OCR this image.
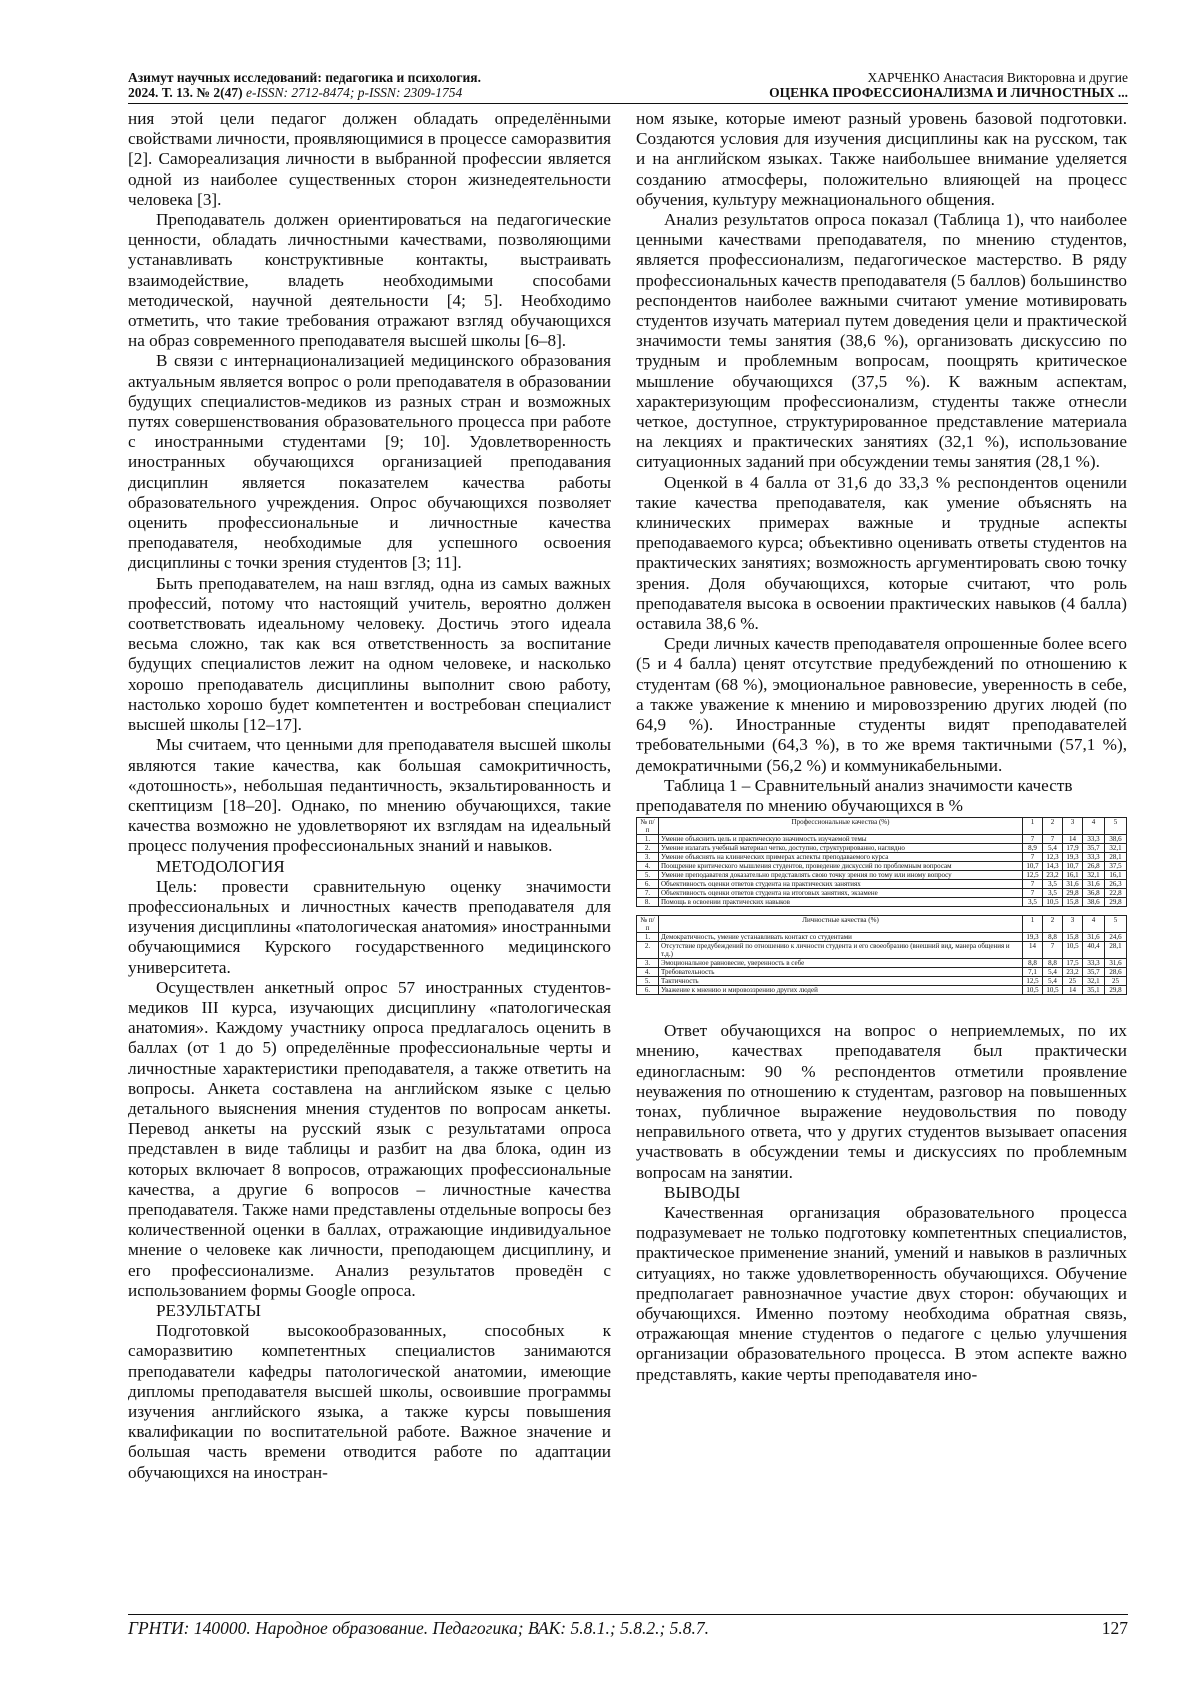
Азимут научных исследований: педагогика и психология.
2024. Т. 13. № 2(47) e-ISSN: 2712-8474; p-ISSN: 2309-1754
ХАРЧЕНКО Анастасия Викторовна и другие
ОЦЕНКА ПРОФЕССИОНАЛИЗМА И ЛИЧНОСТНЫХ ...

ния этой цели педагог должен обладать определёнными свойствами личности, проявляющимися в процессе саморазвития [2]. Самореализация личности в выбранной профессии является одной из наиболее существенных сторон жизнедеятельности человека [3].

Преподаватель должен ориентироваться на педагогические ценности, обладать личностными качествами, позволяющими устанавливать конструктивные контакты, выстраивать взаимодействие, владеть необходимыми способами методической, научной деятельности [4; 5]. Необходимо отметить, что такие требования отражают взгляд обучающихся на образ современного преподавателя высшей школы [6–8].

В связи с интернационализацией медицинского образования актуальным является вопрос о роли преподавателя в образовании будущих специалистов-медиков из разных стран и возможных путях совершенствования образовательного процесса при работе с иностранными студентами [9; 10]. Удовлетворенность иностранных обучающихся организацией преподавания дисциплин является показателем качества работы образовательного учреждения. Опрос обучающихся позволяет оценить профессиональные и личностные качества преподавателя, необходимые для успешного освоения дисциплины с точки зрения студентов [3; 11].

Быть преподавателем, на наш взгляд, одна из самых важных профессий, потому что настоящий учитель, вероятно должен соответствовать идеальному человеку. Достичь этого идеала весьма сложно, так как вся ответственность за воспитание будущих специалистов лежит на одном человеке, и насколько хорошо преподаватель дисциплины выполнит свою работу, настолько хорошо будет компетентен и востребован специалист высшей школы [12–17].

Мы считаем, что ценными для преподавателя высшей школы являются такие качества, как большая самокритичность, «дотошность», небольшая педантичность, экзальтированность и скептицизм [18–20]. Однако, по мнению обучающихся, такие качества возможно не удовлетворяют их взглядам на идеальный процесс получения профессиональных знаний и навыков.

МЕТОДОЛОГИЯ

Цель: провести сравнительную оценку значимости профессиональных и личностных качеств преподавателя для изучения дисциплины «патологическая анатомия» иностранными обучающимися Курского государственного медицинского университета.

Осуществлен анкетный опрос 57 иностранных студентов-медиков III курса, изучающих дисциплину «патологическая анатомия». Каждому участнику опроса предлагалось оценить в баллах (от 1 до 5) определённые профессиональные черты и личностные характеристики преподавателя, а также ответить на вопросы. Анкета составлена на английском языке с целью детального выяснения мнения студентов по вопросам анкеты. Перевод анкеты на русский язык с результатами опроса представлен в виде таблицы и разбит на два блока, один из которых включает 8 вопросов, отражающих профессиональные качества, а другие 6 вопросов – личностные качества преподавателя. Также нами представлены отдельные вопросы без количественной оценки в баллах, отражающие индивидуальное мнение о человеке как личности, преподающем дисциплину, и его профессионализме. Анализ результатов проведён с использованием формы Google опроса.

РЕЗУЛЬТАТЫ

Подготовкой высокообразованных, способных к саморазвитию компетентных специалистов занимаются преподаватели кафедры патологической анатомии, имеющие дипломы преподавателя высшей школы, освоившие программы изучения английского языка, а также курсы повышения квалификации по воспитательной работе. Важное значение и большая часть времени отводится работе по адаптации обучающихся на иностран-

ном языке, которые имеют разный уровень базовой подготовки. Создаются условия для изучения дисциплины как на русском, так и на английском языках. Также наибольшее внимание уделяется созданию атмосферы, положительно влияющей на процесс обучения, культуру межнационального общения.

Анализ результатов опроса показал (Таблица 1), что наиболее ценными качествами преподавателя, по мнению студентов, является профессионализм, педагогическое мастерство. В ряду профессиональных качеств преподавателя (5 баллов) большинство респондентов наиболее важными считают умение мотивировать студентов изучать материал путем доведения цели и практической значимости темы занятия (38,6 %), организовать дискуссию по трудным и проблемным вопросам, поощрять критическое мышление обучающихся (37,5 %). К важным аспектам, характеризующим профессионализм, студенты также отнесли четкое, доступное, структурированное представление материала на лекциях и практических занятиях (32,1 %), использование ситуационных заданий при обсуждении темы занятия (28,1 %).

Оценкой в 4 балла от 31,6 до 33,3 % респондентов оценили такие качества преподавателя, как умение объяснять на клинических примерах важные и трудные аспекты преподаваемого курса; объективно оценивать ответы студентов на практических занятиях; возможность аргументировать свою точку зрения. Доля обучающихся, которые считают, что роль преподавателя высока в освоении практических навыков (4 балла) оставила 38,6 %.

Среди личных качеств преподавателя опрошенные более всего (5 и 4 балла) ценят отсутствие предубеждений по отношению к студентам (68 %), эмоциональное равновесие, уверенность в себе, а также уважение к мнению и мировоззрению других людей (по 64,9 %). Иностранные студенты видят преподавателей требовательными (64,3 %), в то же время тактичными (57,1 %), демократичными (56,2 %) и коммуникабельными.

Таблица 1 – Сравнительный анализ значимости качеств преподавателя по мнению обучающихся в %

№ п/п	Профессиональные качества (%)	1	2	3	4	5
1.	Умение объяснить цель и практическую значимость изучаемой темы	7	7	14	33,3	38,6
2.	Умение излагать учебный материал четко, доступно, структурированно, наглядно	8,9	5,4	17,9	35,7	32,1
3.	Умение объяснять на клинических примерах аспекты преподаваемого курса	7	12,3	19,3	33,3	28,1
4.	Поощрение критического мышления студентов, проведение дискуссий по проблемным вопросам	10,7	14,3	10,7	26,8	37,5
5.	Умение преподавателя доказательно представлять свою точку зрения по тому или иному вопросу	12,5	23,2	16,1	32,1	16,1
6.	Объективность оценки ответов студента на практических занятиях	7	3,5	31,6	31,6	26,3
7.	Объективность оценки ответов студента на итоговых занятиях, экзамене	7	3,5	29,8	36,8	22,8
8.	Помощь в освоении практических навыков	3,5	10,5	15,8	38,6	29,8
№ п/п	Личностные качества (%)	1	2	3	4	5
1.	Демократичность, умение устанавливать контакт со студентами	19,3	8,8	15,8	31,6	24,6
2.	Отсутствие предубеждений по отношению к личности студента и его своеобразию (внешний вид, манера общения и т.д.)	14	7	10,5	40,4	28,1
3.	Эмоциональное равновесие, уверенность в себе	8,8	8,8	17,5	33,3	31,6
4.	Требовательность	7,1	5,4	23,2	35,7	28,6
5.	Тактичность	12,5	5,4	25	32,1	25
6.	Уважение к мнению и мировоззрению других людей	10,5	10,5	14	35,1	29,8

Ответ обучающихся на вопрос о неприемлемых, по их мнению, качествах преподавателя был практически единогласным: 90 % респондентов отметили проявление неуважения по отношению к студентам, разговор на повышенных тонах, публичное выражение неудовольствия по поводу неправильного ответа, что у других студентов вызывает опасения участвовать в обсуждении темы и дискуссиях по проблемным вопросам на занятии.

ВЫВОДЫ

Качественная организация образовательного процесса подразумевает не только подготовку компетентных специалистов, практическое применение знаний, умений и навыков в различных ситуациях, но также удовлетворенность обучающихся. Обучение предполагает равнозначное участие двух сторон: обучающих и обучающихся. Именно поэтому необходима обратная связь, отражающая мнение студентов о педагоге с целью улучшения организации образовательного процесса. В этом аспекте важно представлять, какие черты преподавателя ино-

ГРНТИ: 140000. Народное образование. Педагогика; ВАК: 5.8.1.; 5.8.2.; 5.8.7.	127
